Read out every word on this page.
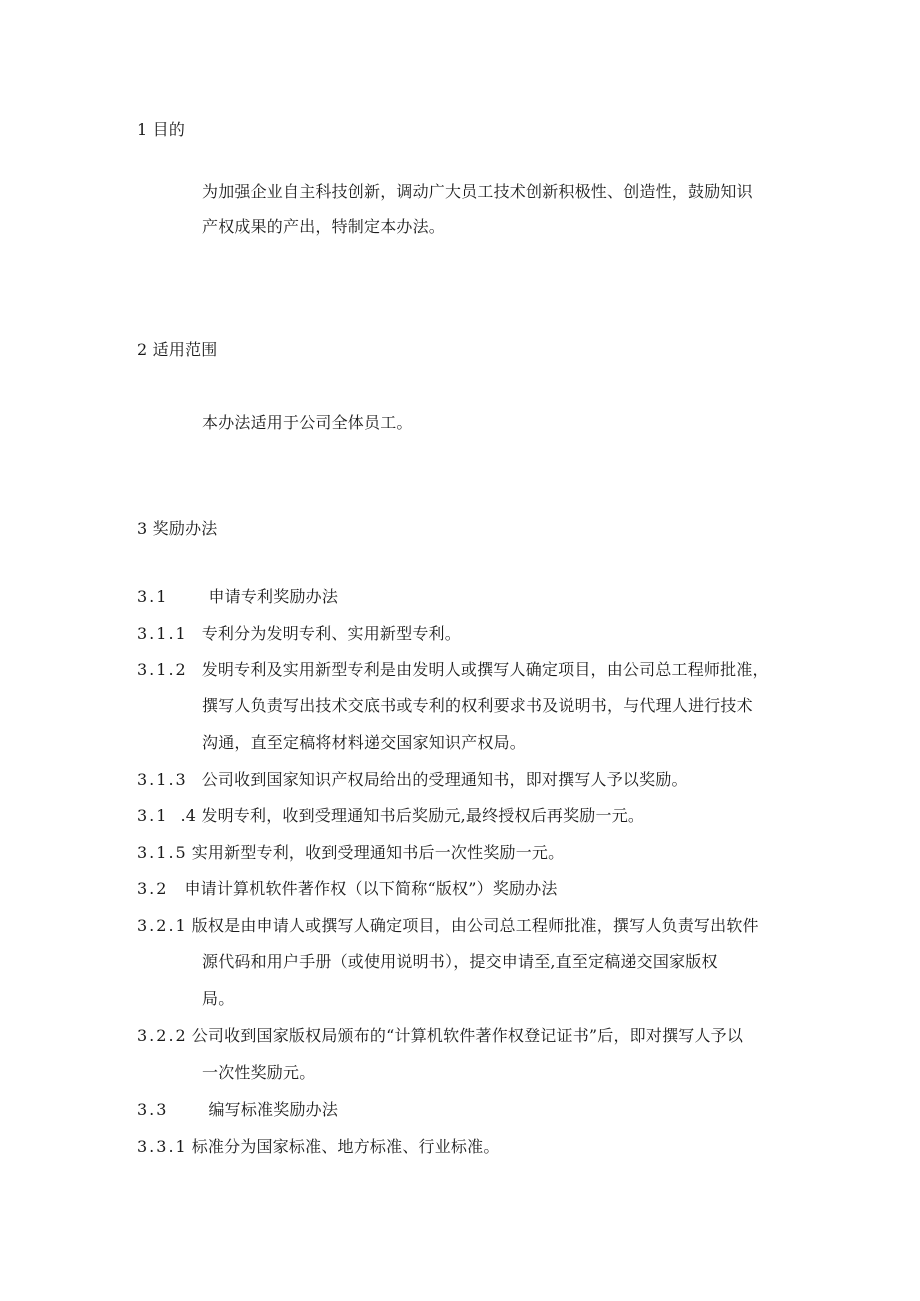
1 目的
为加强企业自主科技创新，调动广大员工技术创新积极性、创造性，鼓励知识
产权成果的产出，特制定本办法。
2 适用范围
本办法适用于公司全体员工。
3 奖励办法
3.1	申请专利奖励办法
3.1.1 专利分为发明专利、实用新型专利。
3.1.2 发明专利及实用新型专利是由发明人或撰写人确定项目，由公司总工程师批准，
撰写人负责写出技术交底书或专利的权利要求书及说明书，与代理人进行技术
沟通，直至定稿将材料递交国家知识产权局。
3.1.3 公司收到国家知识产权局给出的受理通知书，即对撰写人予以奖励。
3.1 .4 发明专利，收到受理通知书后奖励元,最终授权后再奖励一元。
3.1.5 实用新型专利，收到受理通知书后一次性奖励一元。
3.2 申请计算机软件著作权（以下简称“版权”）奖励办法
3.2.1 版权是由申请人或撰写人确定项目，由公司总工程师批准，撰写人负责写出软件
源代码和用户手册（或使用说明书），提交申请至,直至定稿递交国家版权
局。
3.2.2 公司收到国家版权局颁布的“计算机软件著作权登记证书”后，即对撰写人予以
一次性奖励元。
3.3	编写标准奖励办法
3.3.1 标准分为国家标准、地方标准、行业标准。
